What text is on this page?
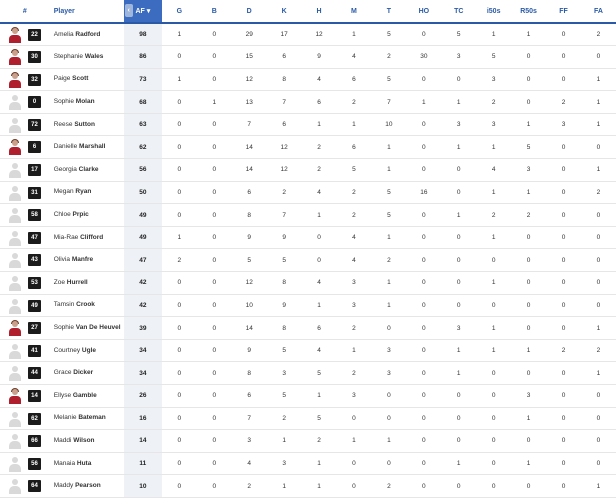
#	Player	‹ AF ▾	G	B	D	K	H	M	T	HO	TC	i50s	R50s	FF	FA

22	Amelia Radford	98	1	0	29	17	12	1	5	0	5	1	1	0	2

30	Stephanie Wales	86	0	0	15	6	9	4	2	30	3	5	0	0	0

32	Paige Scott	73	1	0	12	8	4	6	5	0	0	3	0	0	1

0	Sophie Molan	68	0	1	13	7	6	2	7	1	1	2	0	2	1

72	Reese Sutton	63	0	0	7	6	1	1	10	0	3	3	1	3	1

6	Danielle Marshall	62	0	0	14	12	2	6	1	0	1	1	5	0	0

17	Georgia Clarke	56	0	0	14	12	2	5	1	0	0	4	3	0	1

31	Megan Ryan	50	0	0	6	2	4	2	5	16	0	1	1	0	2

58	Chloe Prpic	49	0	0	8	7	1	2	5	0	1	2	2	0	0

47	Mia-Rae Clifford	49	1	0	9	9	0	4	1	0	0	1	0	0	0

43	Olivia Manfre	47	2	0	5	5	0	4	2	0	0	0	0	0	0

53	Zoe Hurrell	42	0	0	12	8	4	3	1	0	0	1	0	0	0

49	Tamsin Crook	42	0	0	10	9	1	3	1	0	0	0	0	0	0

27	Sophie Van De Heuvel	39	0	0	14	8	6	2	0	0	3	1	0	0	1

41	Courtney Ugle	34	0	0	9	5	4	1	3	0	1	1	1	2	2

44	Grace Dicker	34	0	0	8	3	5	2	3	0	1	0	0	0	1

14	Ellyse Gamble	26	0	0	6	5	1	3	0	0	0	0	3	0	0

62	Melanie Bateman	16	0	0	7	2	5	0	0	0	0	0	1	0	0

66	Maddi Wilson	14	0	0	3	1	2	1	1	0	0	0	0	0	0

56	Manaia Huta	11	0	0	4	3	1	0	0	0	1	0	1	0	0

64	Maddy Pearson	10	0	0	2	1	1	0	2	0	0	0	0	0	1
